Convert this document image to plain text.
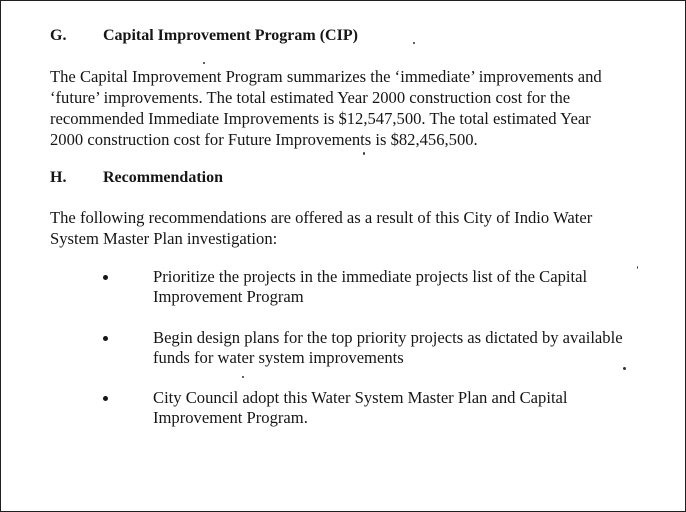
G. Capital Improvement Program (CIP)
The Capital Improvement Program summarizes the ‘immediate’ improvements and
‘future’ improvements. The total estimated Year 2000 construction cost for the
recommended Immediate Improvements is $12,547,500. The total estimated Year
2000 construction cost for Future Improvements is $82,456,500.
H. Recommendation
The following recommendations are offered as a result of this City of Indio Water
System Master Plan investigation:
Prioritize the projects in the immediate projects list of the Capital
Improvement Program
Begin design plans for the top priority projects as dictated by available
funds for water system improvements
City Council adopt this Water System Master Plan and Capital
Improvement Program.
